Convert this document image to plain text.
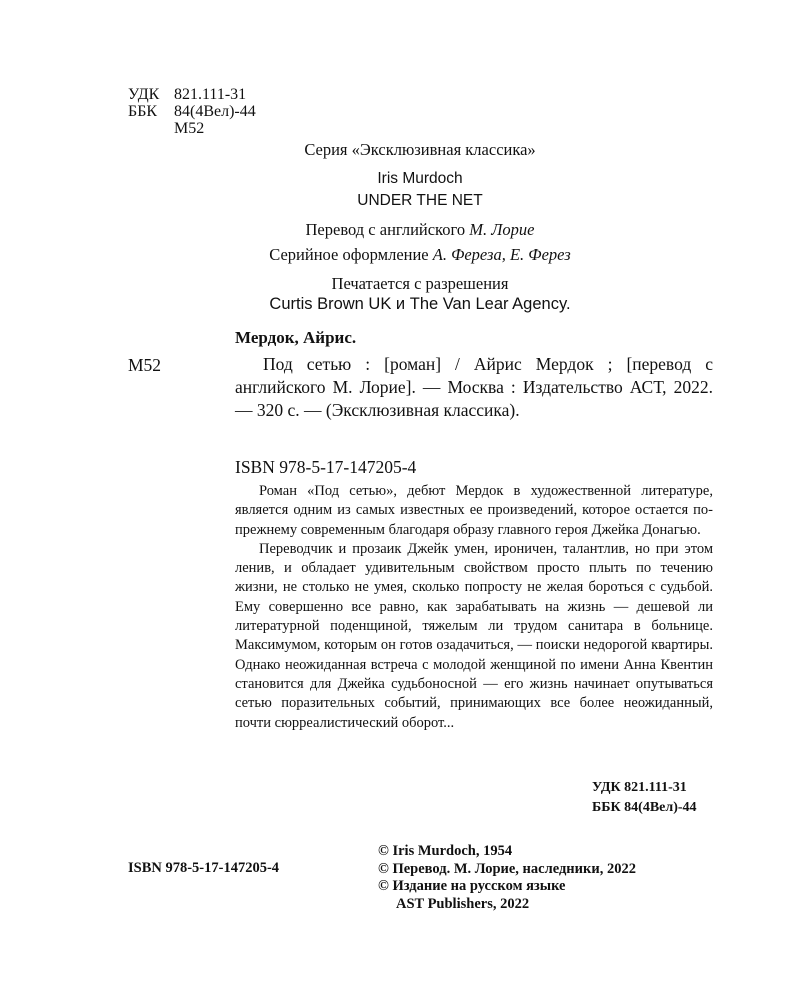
УДК 821.111-31
ББК 84(4Вел)-44
М52
Серия «Эксклюзивная классика»
Iris Murdoch
UNDER THE NET
Перевод с английского М. Лорие
Серийное оформление А. Фереза, Е. Ферез
Печатается с разрешения
Curtis Brown UK и The Van Lear Agency.
Мердок, Айрис.
М52	Под сетью : [роман] / Айрис Мердок ; [перевод с английского М. Лорие]. — Москва : Издательство АСТ, 2022. — 320 с. — (Эксклюзивная классика).

ISBN 978-5-17-147205-4

Роман «Под сетью», дебют Мердок в художественной литературе, является одним из самых известных ее произведений, которое остается по-прежнему современным благодаря образу главного героя Джейка Донагью.

Переводчик и прозаик Джейк умен, ироничен, талантлив, но при этом ленив, и обладает удивительным свойством просто плыть по течению жизни, не столько не умея, сколько попросту не желая бороться с судьбой. Ему совершенно все равно, как зарабатывать на жизнь — дешевой ли литературной поденщиной, тяжелым ли трудом санитара в больнице. Максимумом, которым он готов озадачиться, — поиски недорогой квартиры. Однако неожиданная встреча с молодой женщиной по имени Анна Квентин становится для Джейка судьбоносной — его жизнь начинает опутываться сетью поразительных событий, принимающих все более неожиданный, почти сюрреалистический оборот...

УДК 821.111-31
ББК 84(4Вел)-44
© Iris Murdoch, 1954
© Перевод. М. Лорие, наследники, 2022
© Издание на русском языке
AST Publishers, 2022
ISBN 978-5-17-147205-4
